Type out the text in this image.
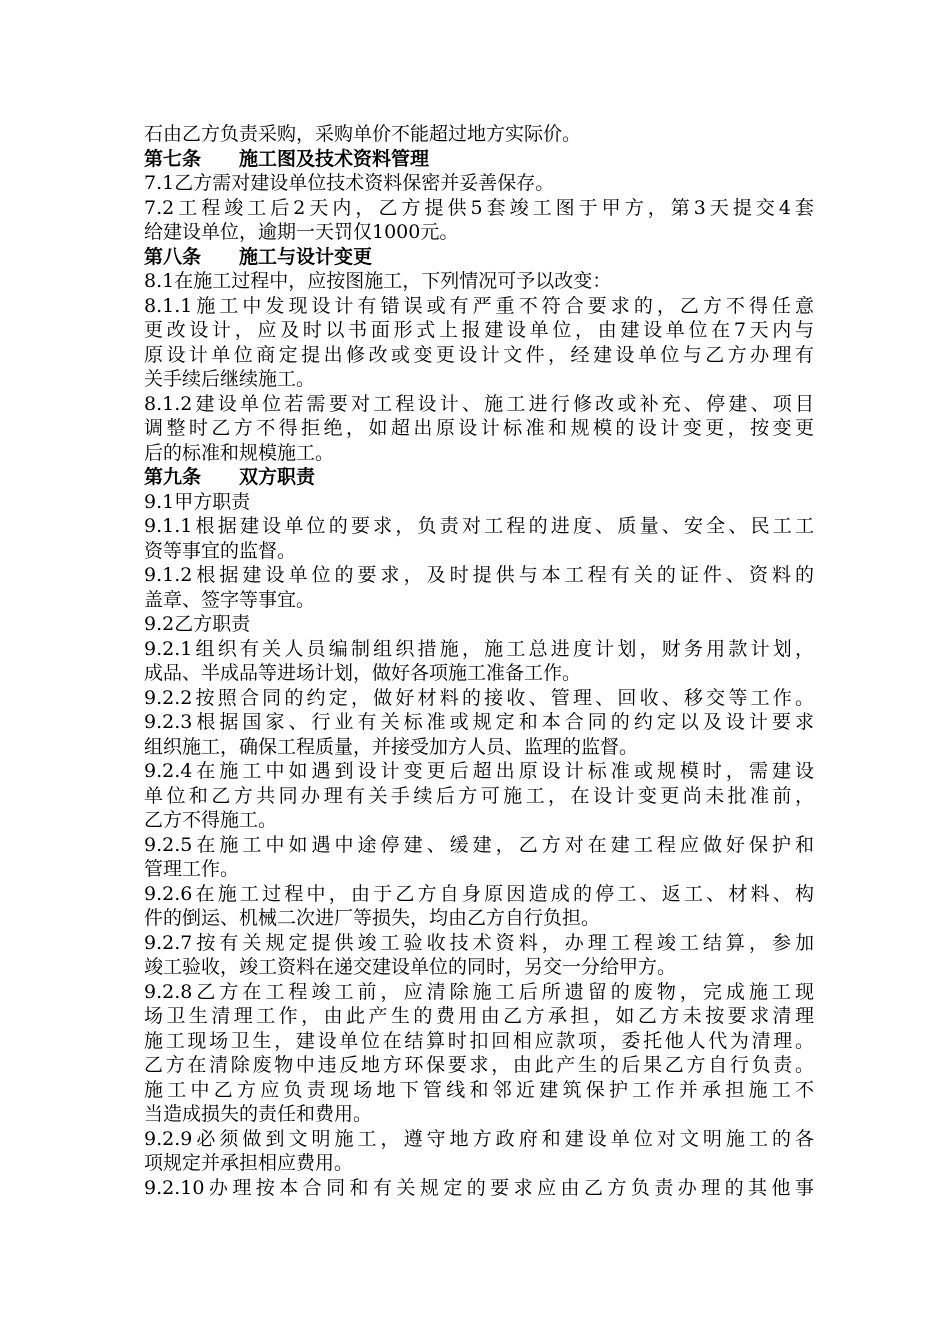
石由乙方负责采购，采购单价不能超过地方实际价。
第七条　　施工图及技术资料管理
7.1乙方需对建设单位技术资料保密并妥善保存。
7.2工程竣工后2天内，乙方提供5套竣工图于甲方，第3天提交4套
给建设单位，逾期一天罚仅1000元。
第八条　　施工与设计变更
8.1在施工过程中，应按图施工，下列情况可予以改变：
8.1.1施工中发现设计有错误或有严重不符合要求的，乙方不得任意
更改设计，应及时以书面形式上报建设单位，由建设单位在7天内与
原设计单位商定提出修改或变更设计文件，经建设单位与乙方办理有
关手续后继续施工。
8.1.2建设单位若需要对工程设计、施工进行修改或补充、停建、项目
调整时乙方不得拒绝，如超出原设计标准和规模的设计变更，按变更
后的标准和规模施工。
第九条　　双方职责
9.1甲方职责
9.1.1根据建设单位的要求，负责对工程的进度、质量、安全、民工工
资等事宜的监督。
9.1.2根据建设单位的要求，及时提供与本工程有关的证件、资料的
盖章、签字等事宜。
9.2乙方职责
9.2.1组织有关人员编制组织措施，施工总进度计划，财务用款计划，
成品、半成品等进场计划，做好各项施工准备工作。
9.2.2按照合同的约定，做好材料的接收、管理、回收、移交等工作。
9.2.3根据国家、行业有关标准或规定和本合同的约定以及设计要求
组织施工，确保工程质量，并接受加方人员、监理的监督。
9.2.4在施工中如遇到设计变更后超出原设计标准或规模时，需建设
单位和乙方共同办理有关手续后方可施工，在设计变更尚未批准前，
乙方不得施工。
9.2.5在施工中如遇中途停建、缓建，乙方对在建工程应做好保护和
管理工作。
9.2.6在施工过程中，由于乙方自身原因造成的停工、返工、材料、构
件的倒运、机械二次进厂等损失，均由乙方自行负担。
9.2.7按有关规定提供竣工验收技术资料，办理工程竣工结算，参加
竣工验收，竣工资料在递交建设单位的同时，另交一分给甲方。
9.2.8乙方在工程竣工前，应清除施工后所遗留的废物，完成施工现
场卫生清理工作，由此产生的费用由乙方承担，如乙方未按要求清理
施工现场卫生，建设单位在结算时扣回相应款项，委托他人代为清理。
乙方在清除废物中违反地方环保要求，由此产生的后果乙方自行负责。
施工中乙方应负责现场地下管线和邻近建筑保护工作并承担施工不
当造成损失的责任和费用。
9.2.9必须做到文明施工，遵守地方政府和建设单位对文明施工的各
项规定并承担相应费用。
9.2.10办理按本合同和有关规定的要求应由乙方负责办理的其他事
